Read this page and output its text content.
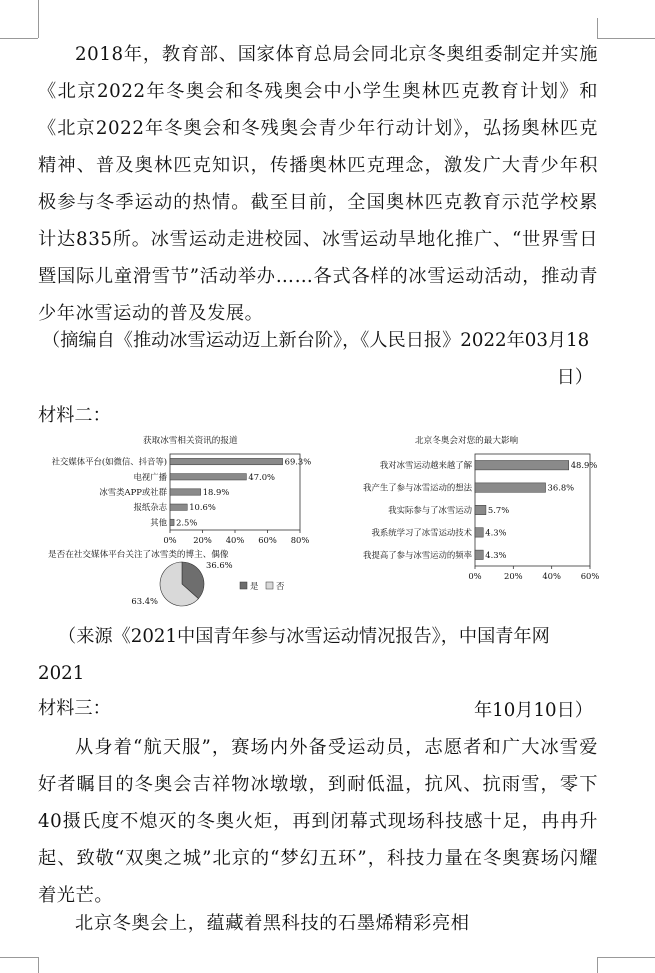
2018年，教育部、国家体育总局会同北京冬奥组委制定并实施《北京2022年冬奥会和冬残奥会中小学生奥林匹克教育计划》和《北京2022年冬奥会和冬残奥会青少年行动计划》，弘扬奥林匹克精神、普及奥林匹克知识，传播奥林匹克理念，激发广大青少年积极参与冬季运动的热情。截至目前，全国奥林匹克教育示范学校累计达835所。冰雪运动走进校园、冰雪运动旱地化推广、“世界雪日暨国际儿童滑雪节”活动举办……各式各样的冰雪运动活动，推动青少年冰雪运动的普及发展。

（摘编自《推动冰雪运动迈上新台阶》，《人民日报》2022年03月18
日）

材料二：

获取冰雪相关资讯的报道
0% 20% 40% 60% 80%
社交媒体平台(如微信、抖音等)	69.3%
电视广播	47.0%
冰雪类APP或社群	18.9%
报纸杂志	10.6%
其他 2.5%
北京冬奥会对您的最大影响
0%	20% 40% 60%
我对冰雪运动越来越了解	48.9%
我产生了参与冰雪运动的想法	36.8%
我实际参与了冰雪运动 5.7%
我系统学习了冰雪运动技术 4.3%
我提高了参与冰雪运动的频率 4.3%
是否在社交媒体平台关注了冰雪类的博主、偶像
36.6%
63.4%
是 否
（来源《2021中国青年参与冰雪运动情况报告》，中国青年网2021
年10月10日）

材料三：

从身着“航天服”，赛场内外备受运动员，志愿者和广大冰雪爱好者瞩目的冬奥会吉祥物冰墩墩，到耐低温，抗风、抗雨雪，零下40摄氏度不熄灭的冬奥火炬，再到闭幕式现场科技感十足，冉冉升起、致敬“双奥之城”北京的“梦幻五环”，科技力量在冬奥赛场闪耀着光芒。

北京冬奥会上，蕴藏着黑科技的石墨烯精彩亮相
